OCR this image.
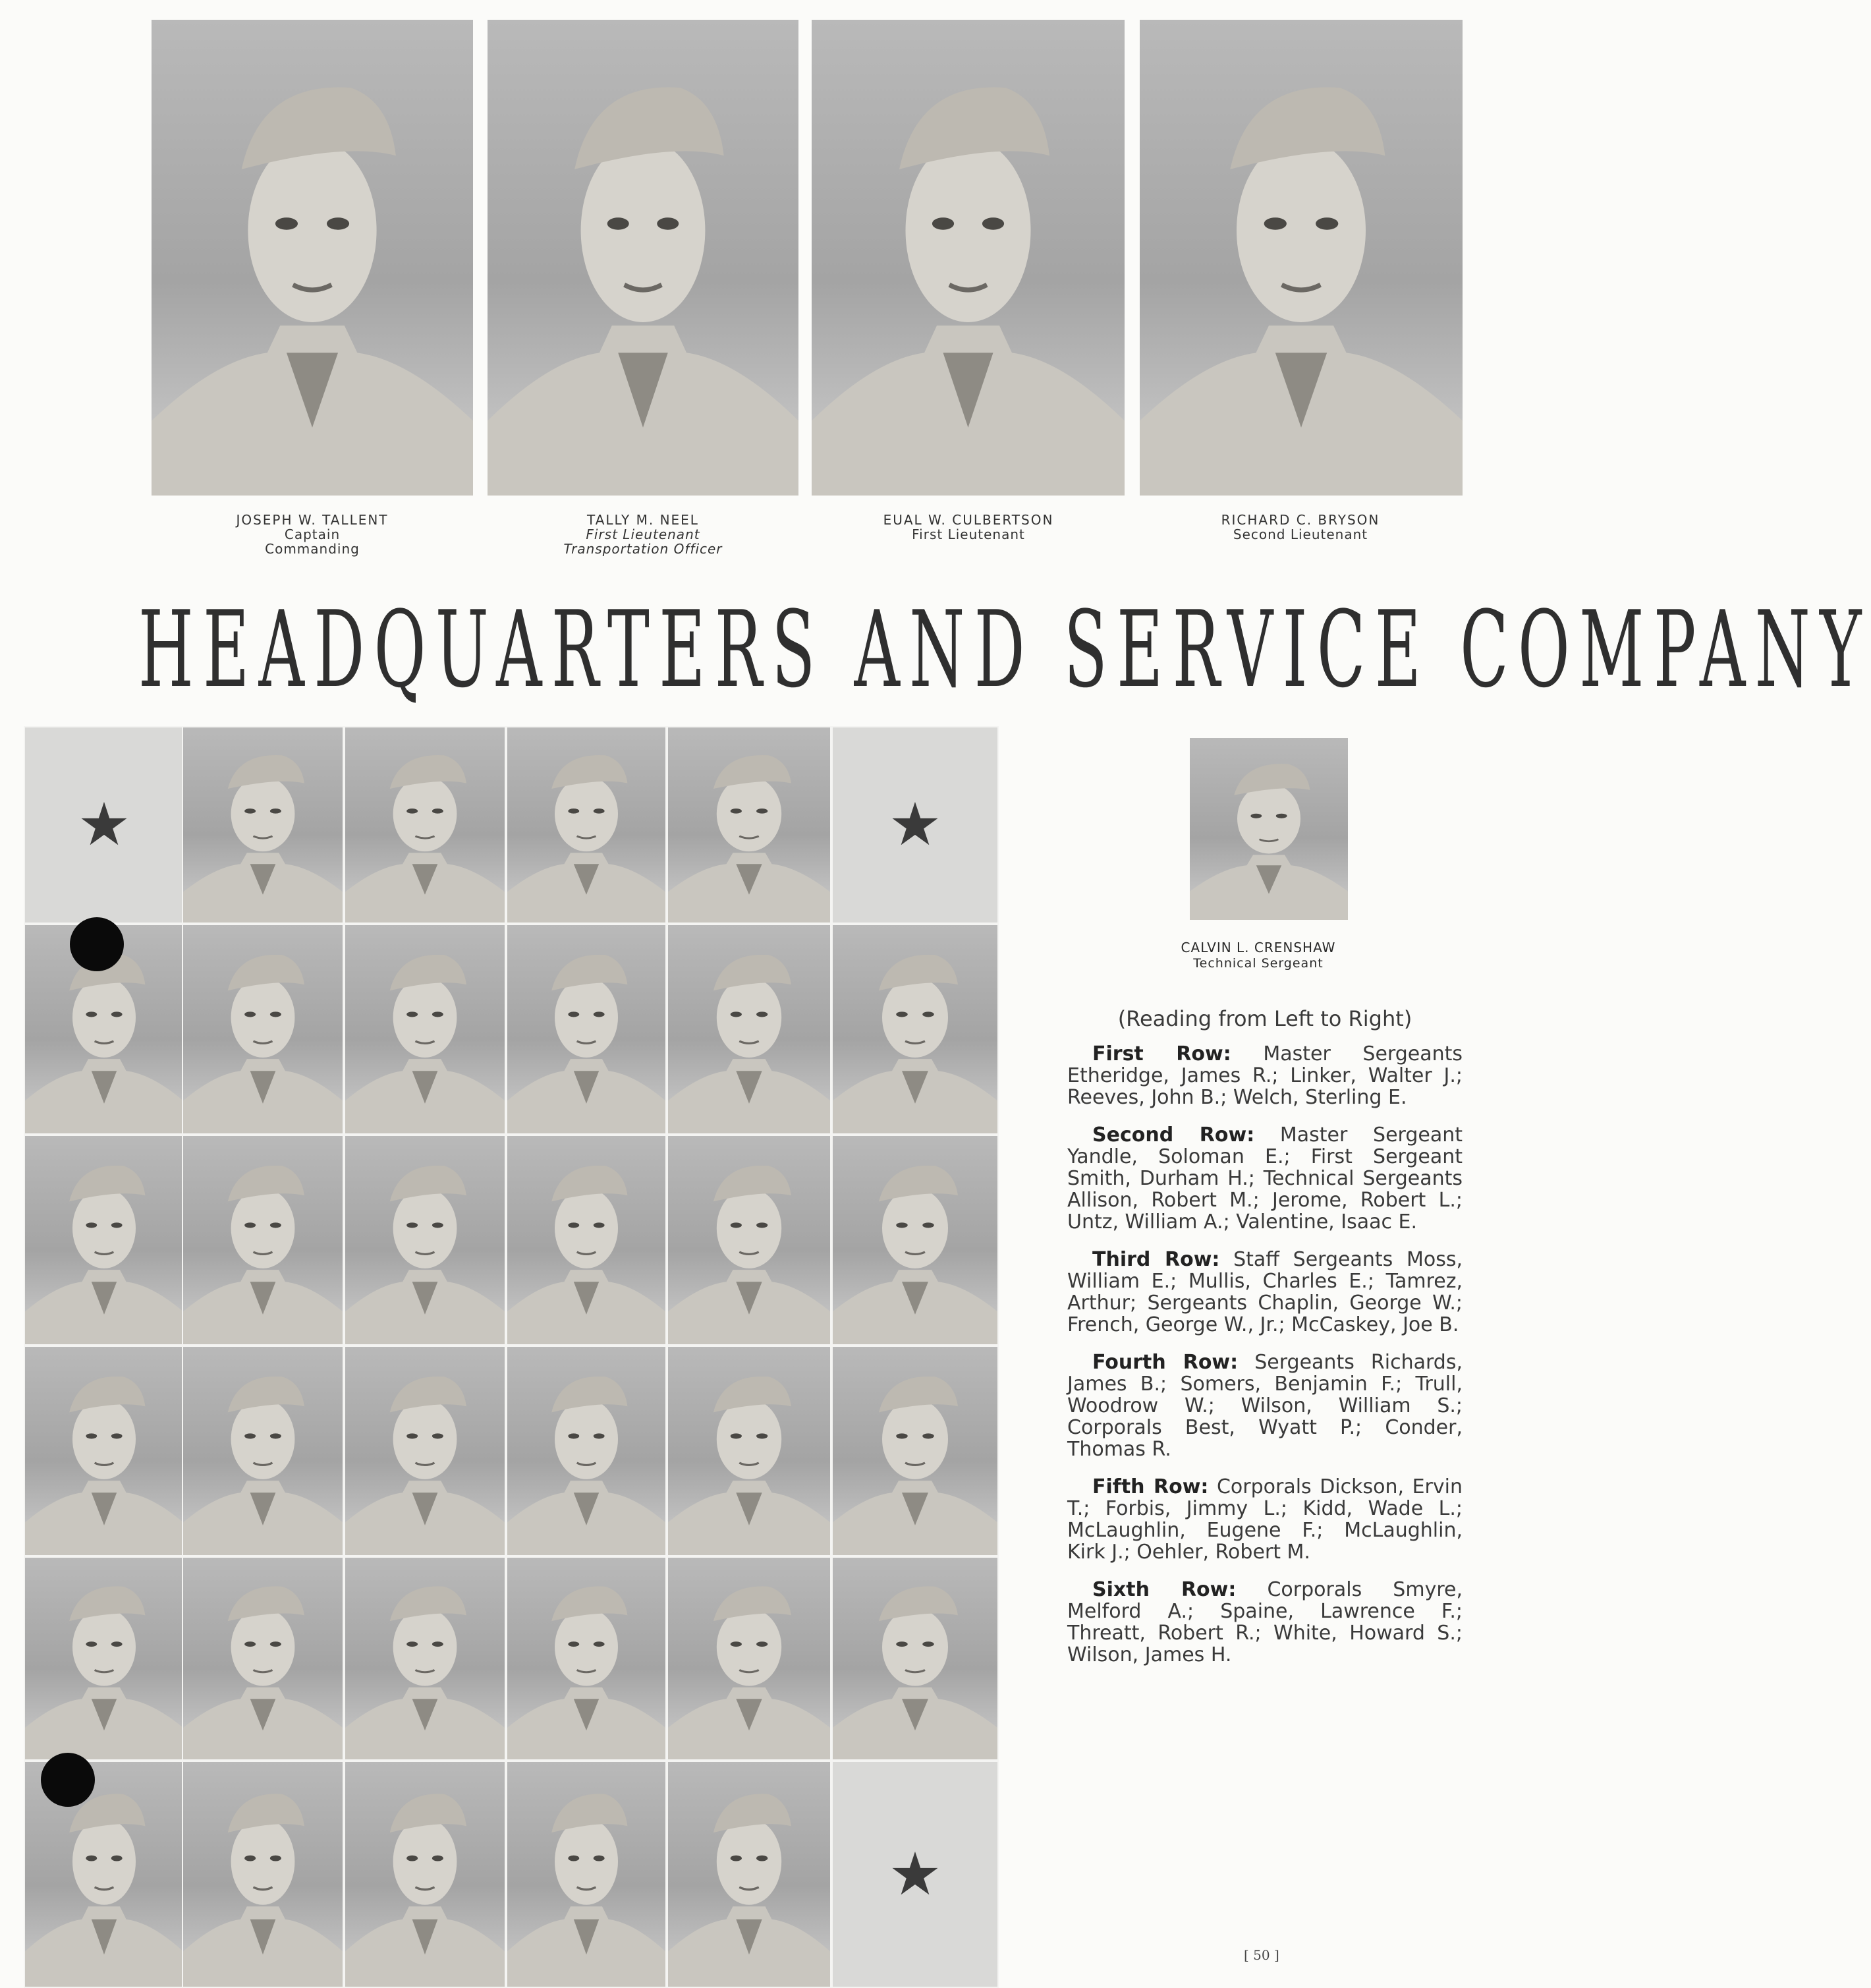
JOSEPH W. TALLENT
Captain
Commanding
TALLY M. NEEL
First Lieutenant
Transportation Officer
EUAL W. CULBERTSON
First Lieutenant
RICHARD C. BRYSON
Second Lieutenant
HEADQUARTERS AND SERVICE COMPANY
★	★
★
CALVIN L. CRENSHAW
Technical Sergeant
(Reading from Left to Right)

First Row: Master Sergeants Etheridge, James R.; Linker, Walter J.; Reeves, John B.; Welch, Sterling E.

Second Row: Master Sergeant Yandle, Soloman E.; First Sergeant Smith, Durham H.; Technical Sergeants Allison, Robert M.; Jerome, Robert L.; Untz, William A.; Valentine, Isaac E.

Third Row: Staff Sergeants Moss, William E.; Mullis, Charles E.; Tamrez, Arthur; Sergeants Chaplin, George W.; French, George W., Jr.; McCaskey, Joe B.

Fourth Row: Sergeants Richards, James B.; Somers, Benjamin F.; Trull, Woodrow W.; Wilson, William S.; Corporals Best, Wyatt P.; Conder, Thomas R.

Fifth Row: Corporals Dickson, Ervin T.; Forbis, Jimmy L.; Kidd, Wade L.; McLaughlin, Eugene F.; McLaughlin, Kirk J.; Oehler, Robert M.

Sixth Row: Corporals Smyre, Melford A.; Spaine, Lawrence F.; Threatt, Robert R.; White, Howard S.; Wilson, James H.

[ 50 ]
